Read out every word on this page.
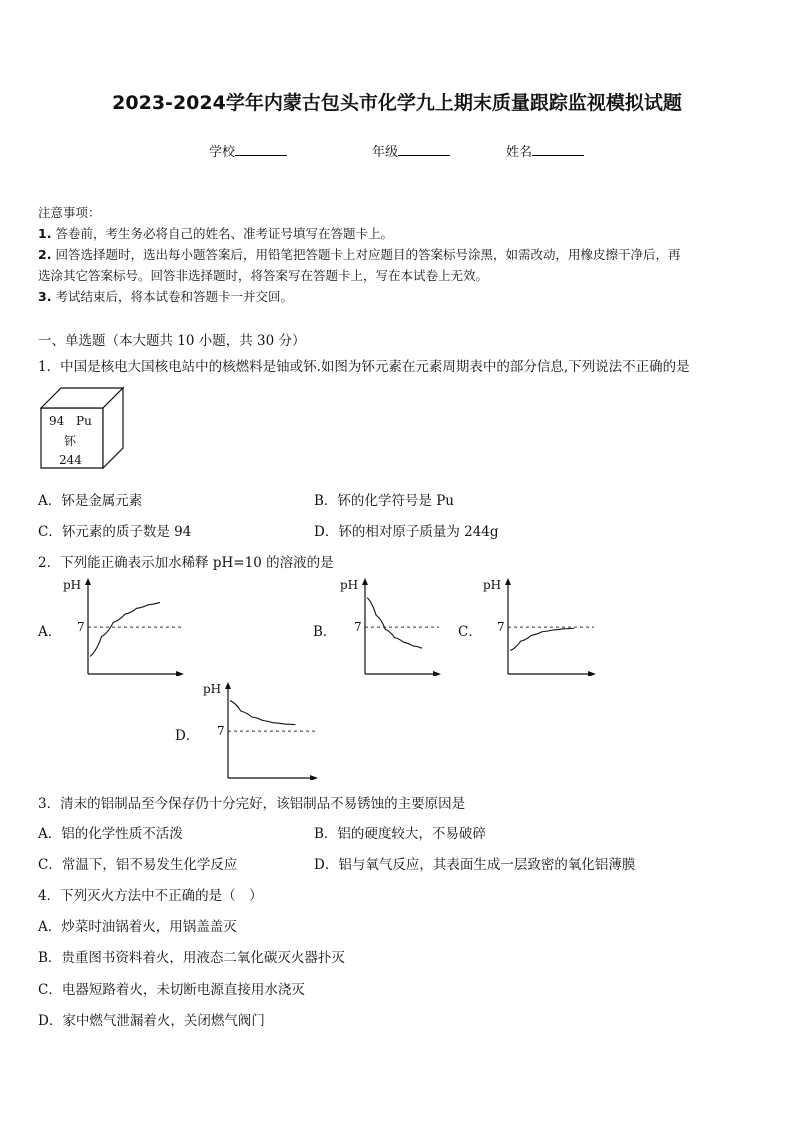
2023-2024学年内蒙古包头市化学九上期末质量跟踪监视模拟试题
学校	年级	姓名
注意事项：
1. 答卷前，考生务必将自己的姓名、准考证号填写在答题卡上。
2. 回答选择题时，选出每小题答案后，用铅笔把答题卡上对应题目的答案标号涂黑，如需改动，用橡皮擦干净后，再
选涂其它答案标号。回答非选择题时，将答案写在答题卡上，写在本试卷上无效。
3. 考试结束后，将本试卷和答题卡一并交回。
一、单选题（本大题共 10 小题，共 30 分）
1．中国是核电大国核电站中的核燃料是铀或钚.如图为钚元素在元素周期表中的部分信息,下列说法不正确的是
94 Pu
钚
244
A．钚是金属元素	B．钚的化学符号是 Pu
C．钚元素的质子数是 94	D．钚的相对原子质量为 244g
2．下列能正确表示加水稀释 pH=10 的溶液的是
A．	B．	C．
D．
pH
7
pH
7
pH
7
pH
7
3．清末的铝制品至今保存仍十分完好，该铝制品不易锈蚀的主要原因是
A．铝的化学性质不活泼	B．铝的硬度较大，不易破碎
C．常温下，铝不易发生化学反应	D．铝与氧气反应，其表面生成一层致密的氧化铝薄膜
4．下列灭火方法中不正确的是（　）
A．炒菜时油锅着火，用锅盖盖灭
B．贵重图书资料着火，用液态二氧化碳灭火器扑灭
C．电器短路着火，未切断电源直接用水浇灭
D．家中燃气泄漏着火，关闭燃气阀门
